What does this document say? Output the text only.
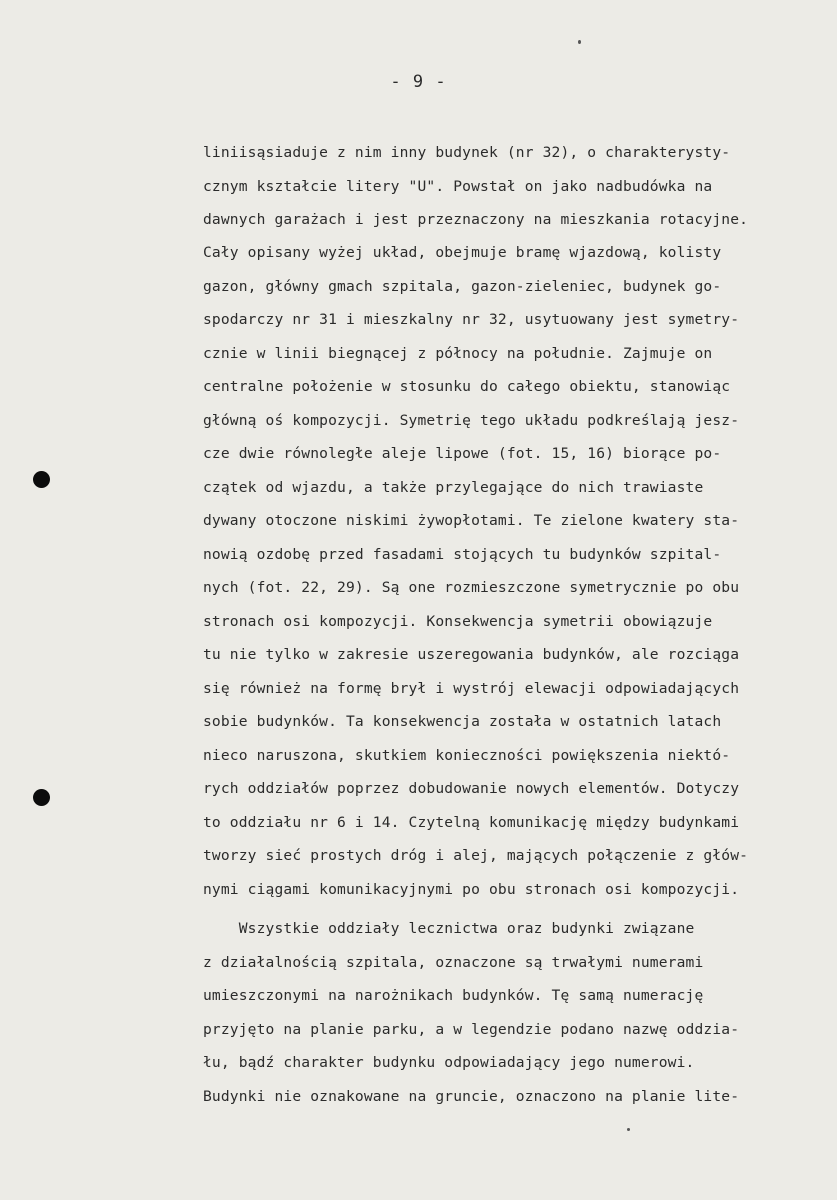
- 9 -
liniisąsiaduje z nim inny budynek (nr 32), o charakterysty-
cznym kształcie litery "U". Powstał on jako nadbudówka na
dawnych garażach i jest przeznaczony na mieszkania rotacyjne.
Cały opisany wyżej układ, obejmuje bramę wjazdową, kolisty
gazon, główny gmach szpitala, gazon-zieleniec, budynek go-
spodarczy nr 31 i mieszkalny nr 32, usytuowany jest symetry-
cznie w linii biegnącej z północy na południe. Zajmuje on
centralne położenie w stosunku do całego obiektu, stanowiąc
główną oś kompozycji. Symetrię tego układu podkreślają jesz-
cze dwie równoległe aleje lipowe (fot. 15, 16) biorące po-
czątek od wjazdu, a także przylegające do nich trawiaste
dywany otoczone niskimi żywopłotami. Te zielone kwatery sta-
nowią ozdobę przed fasadami stojących tu budynków szpital-
nych (fot. 22, 29). Są one rozmieszczone symetrycznie po obu
stronach osi kompozycji. Konsekwencja symetrii obowiązuje
tu nie tylko w zakresie uszeregowania budynków, ale rozciąga
się również na formę brył i wystrój elewacji odpowiadających
sobie budynków. Ta konsekwencja została w ostatnich latach
nieco naruszona, skutkiem konieczności powiększenia niektó-
rych oddziałów poprzez dobudowanie nowych elementów. Dotyczy
to oddziału nr 6 i 14. Czytelną komunikację między budynkami
tworzy sieć prostych dróg i alej, mających połączenie z głów-
nymi ciągami komunikacyjnymi po obu stronach osi kompozycji.
Wszystkie oddziały lecznictwa oraz budynki związane
z działalnością szpitala, oznaczone są trwałymi numerami
umieszczonymi na narożnikach budynków. Tę samą numerację
przyjęto na planie parku, a w legendzie podano nazwę oddzia-
łu, bądź charakter budynku odpowiadający jego numerowi.
Budynki nie oznakowane na gruncie, oznaczono na planie lite-
